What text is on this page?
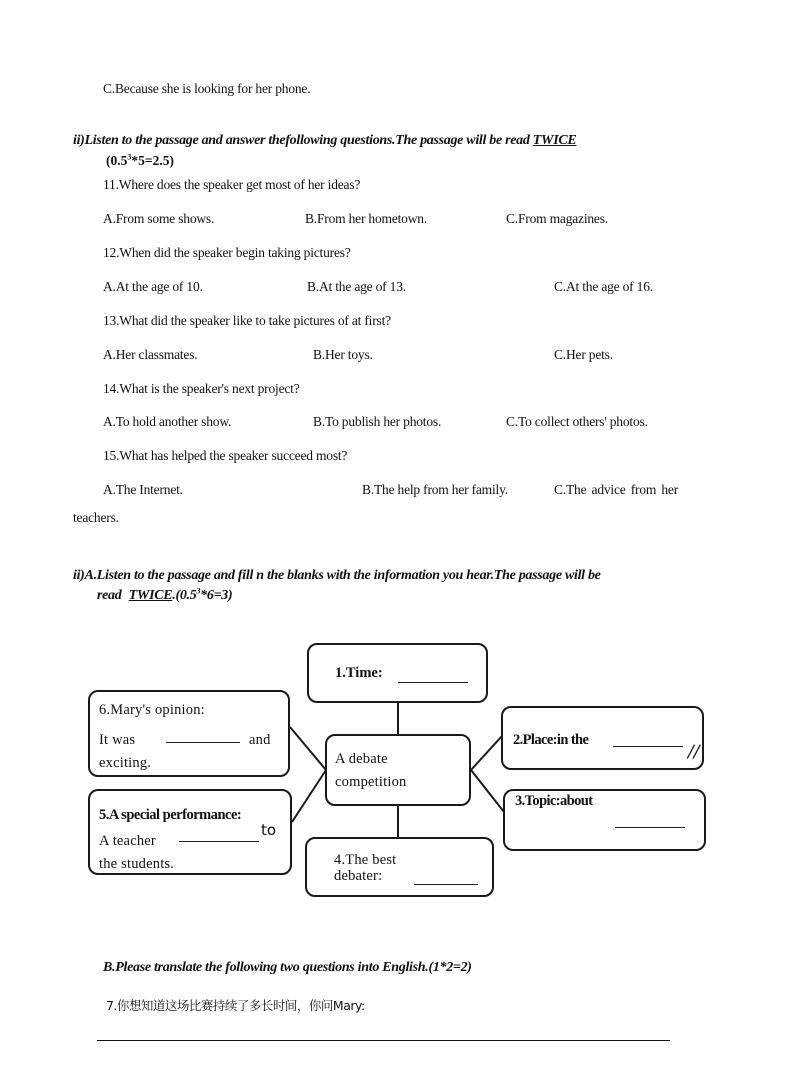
C.Because she is looking for her phone.
ii)Listen to the passage and answer thefollowing questions.The passage will be read TWICE
$(0.5^3*5=2.5)$
11.Where does the speaker get most of her ideas?
A.From some shows.	B.From her hometown.	C.From magazines.
12.When did the speaker begin taking pictures?
A.At the age of 10.	B.At the age of 13.	C.At the age of 16.
13.What did the speaker like to take pictures of at first?
A.Her classmates.	B.Her toys.	C.Her pets.
14.What is the speaker's next project?
A.To hold another show.	B.To publish her photos.	C.To collect others' photos.
15.What has helped the speaker succeed most?
A.The Internet.	B.The help from her family.	C.The advice from her
teachers.
ii)A.Listen to the passage and fill n the blanks with the information you hear.The passage will be
read $TWICE.(0.5^3*6=3)$
A debate
competition
1.Time:
2.Place:in the
//
3.Topic:about
4.The best
debater:
5.A special performance:
A teacher
to
the students.
6.Mary's opinion:
It was	and
exciting.
B.Please translate the following two questions into English.(1*2=2)
7.你想知道这场比赛持续了多长时间，你问Mary:
